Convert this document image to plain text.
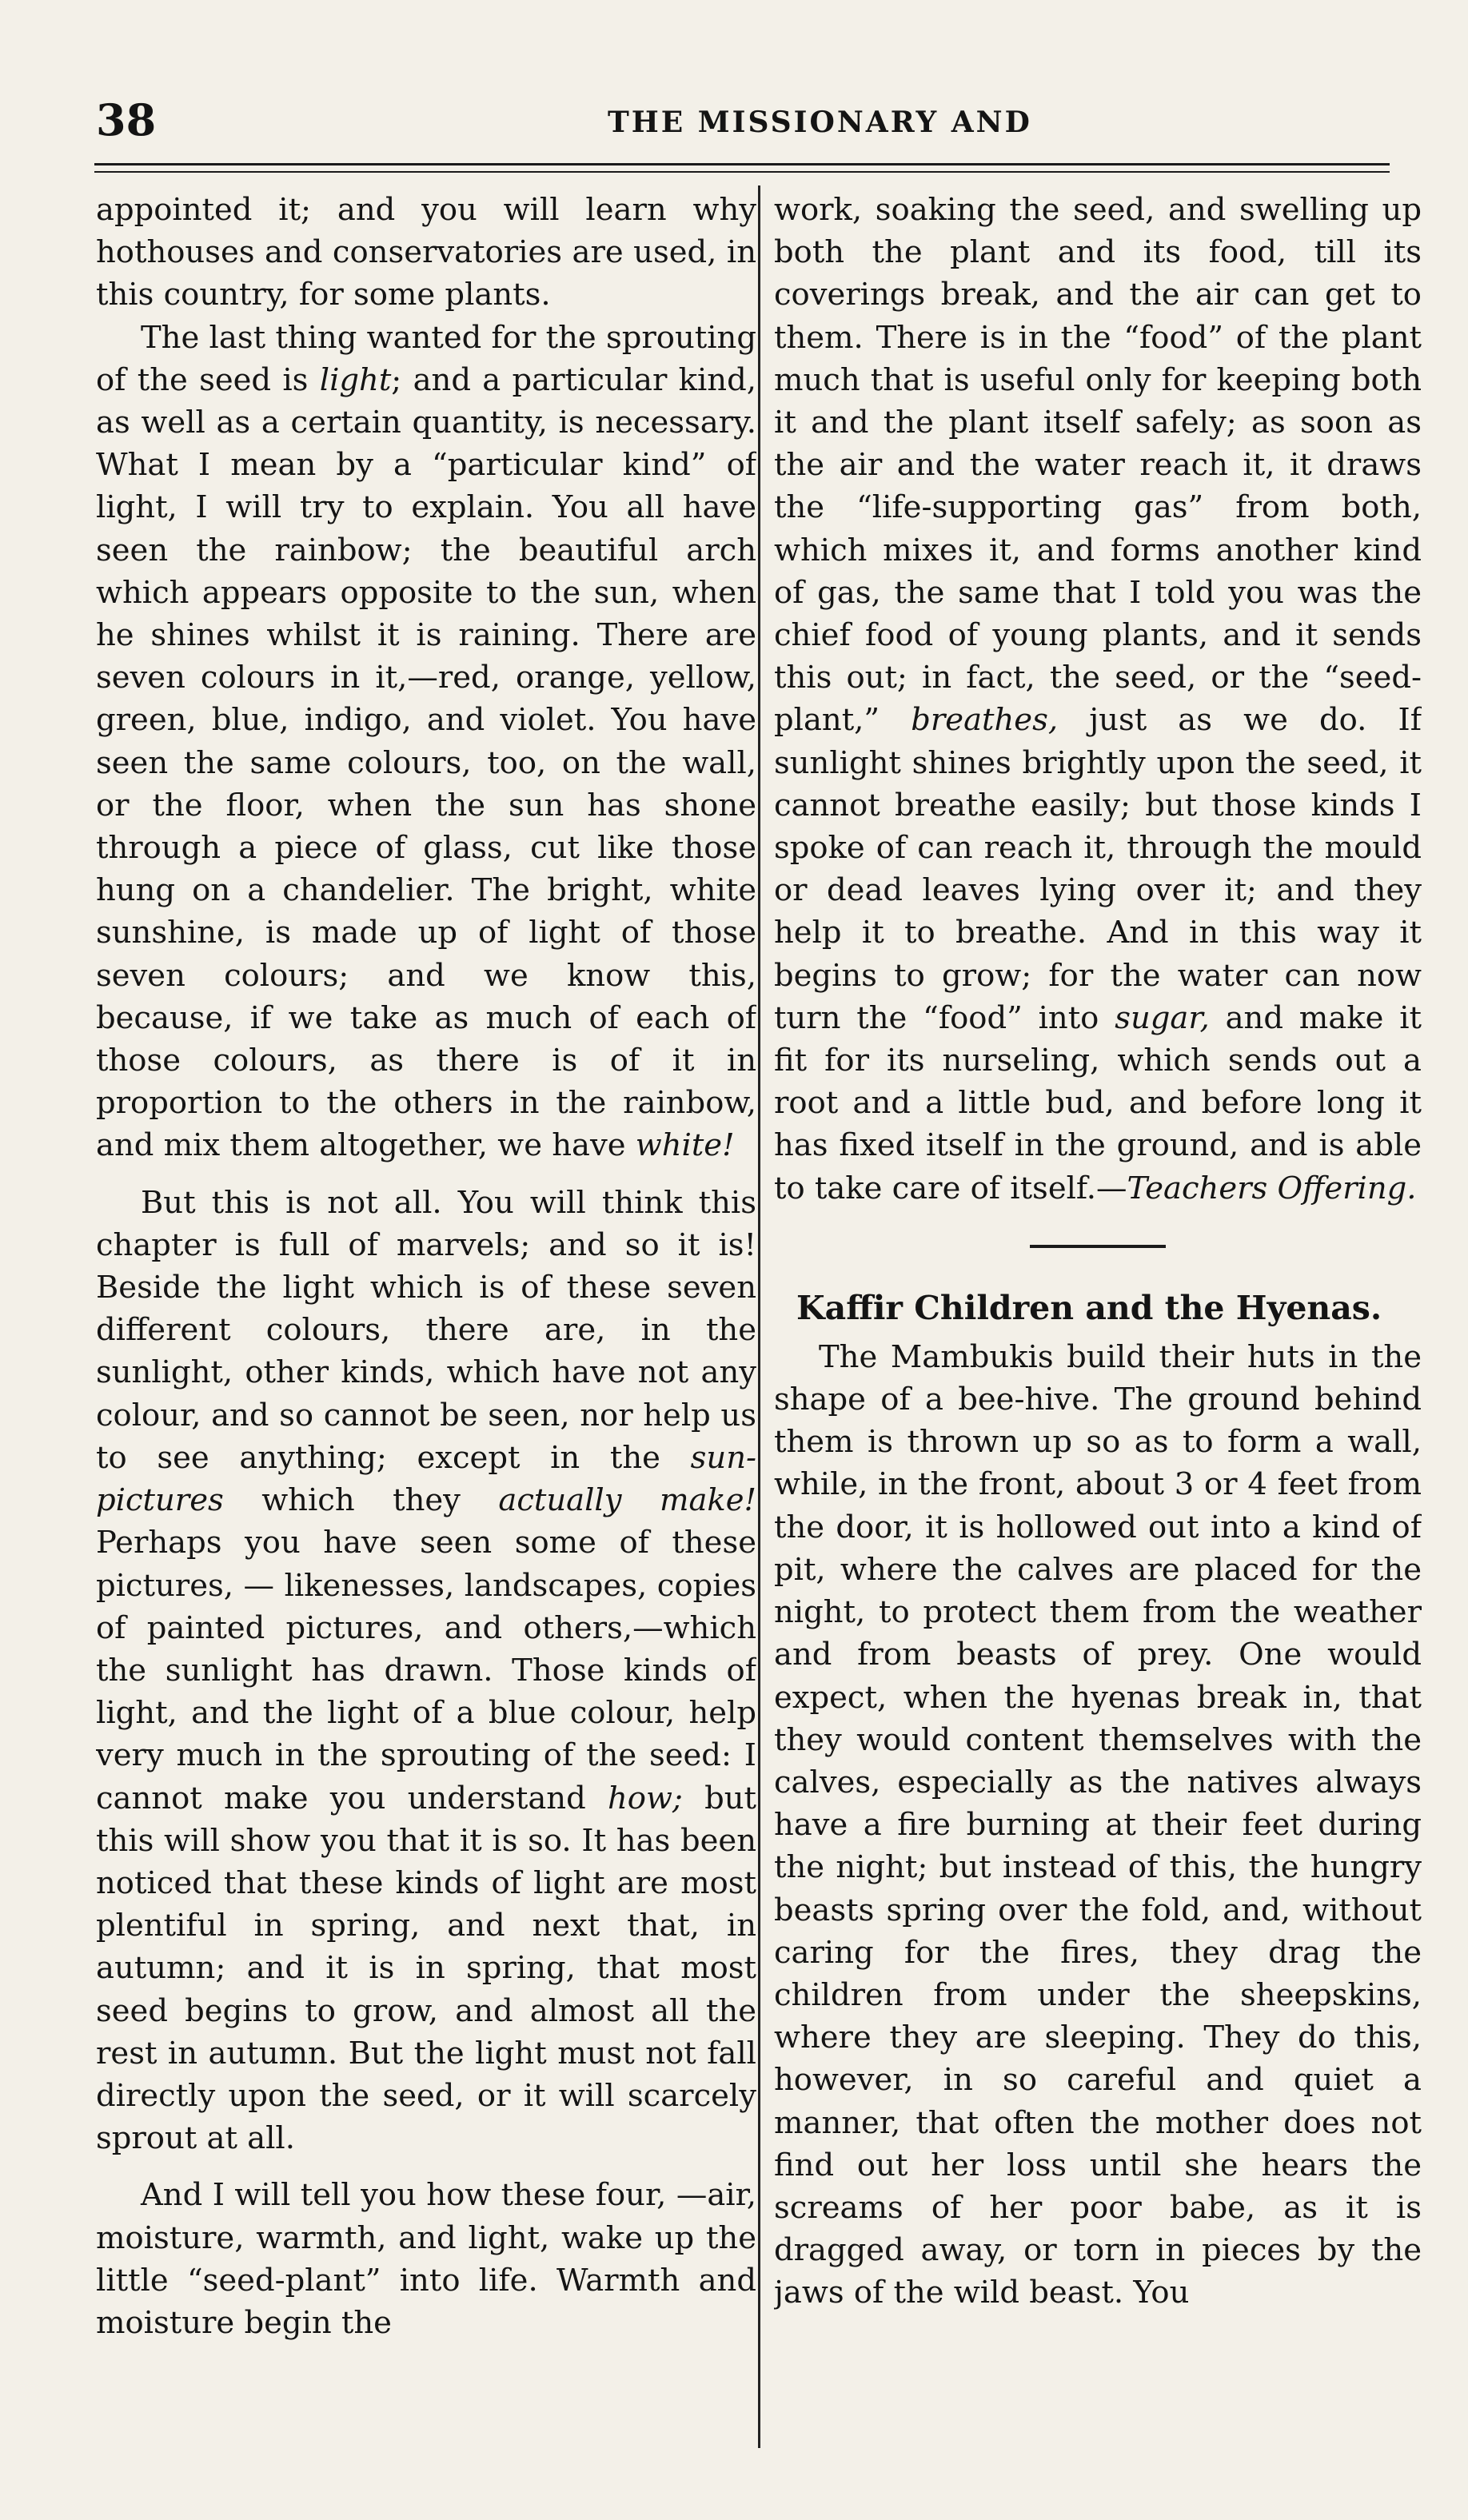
38	THE MISSIONARY AND

appointed it; and you will learn why hothouses and conservatories are used, in this country, for some plants.

The last thing wanted for the sprouting of the seed is light; and a particular kind, as well as a certain quantity, is necessary. What I mean by a “particular kind” of light, I will try to explain. You all have seen the rainbow; the beautiful arch which appears opposite to the sun, when he shines whilst it is raining. There are seven colours in it,—red, orange, yellow, green, blue, indigo, and violet. You have seen the same colours, too, on the wall, or the floor, when the sun has shone through a piece of glass, cut like those hung on a chandelier. The bright, white sunshine, is made up of light of those seven colours; and we know this, because, if we take as much of each of those colours, as there is of it in proportion to the others in the rainbow, and mix them altogether, we have white!

But this is not all. You will think this chapter is full of marvels; and so it is! Beside the light which is of these seven different colours, there are, in the sunlight, other kinds, which have not any colour, and so cannot be seen, nor help us to see anything; except in the sun-pictures which they actually make! Perhaps you have seen some of these pictures, — likenesses, landscapes, copies of painted pictures, and others,—which the sunlight has drawn. Those kinds of light, and the light of a blue colour, help very much in the sprouting of the seed: I cannot make you understand how; but this will show you that it is so. It has been noticed that these kinds of light are most plentiful in spring, and next that, in autumn; and it is in spring, that most seed begins to grow, and almost all the rest in autumn. But the light must not fall directly upon the seed, or it will scarcely sprout at all.

And I will tell you how these four, —air, moisture, warmth, and light, wake up the little “seed-plant” into life. Warmth and moisture begin the

work, soaking the seed, and swelling up both the plant and its food, till its coverings break, and the air can get to them. There is in the “food” of the plant much that is useful only for keeping both it and the plant itself safely; as soon as the air and the water reach it, it draws the “life-supporting gas” from both, which mixes it, and forms another kind of gas, the same that I told you was the chief food of young plants, and it sends this out; in fact, the seed, or the “seed-plant,” breathes, just as we do. If sunlight shines brightly upon the seed, it cannot breathe easily; but those kinds I spoke of can reach it, through the mould or dead leaves lying over it; and they help it to breathe. And in this way it begins to grow; for the water can now turn the “food” into sugar, and make it fit for its nurseling, which sends out a root and a little bud, and before long it has fixed itself in the ground, and is able to take care of itself.—Teachers Offering.

Kaffir Children and the Hyenas.

The Mambukis build their huts in the shape of a bee-hive. The ground behind them is thrown up so as to form a wall, while, in the front, about 3 or 4 feet from the door, it is hollowed out into a kind of pit, where the calves are placed for the night, to protect them from the weather and from beasts of prey. One would expect, when the hyenas break in, that they would content themselves with the calves, especially as the natives always have a fire burning at their feet during the night; but instead of this, the hungry beasts spring over the fold, and, without caring for the fires, they drag the children from under the sheepskins, where they are sleeping. They do this, however, in so careful and quiet a manner, that often the mother does not find out her loss until she hears the screams of her poor babe, as it is dragged away, or torn in pieces by the jaws of the wild beast. You
